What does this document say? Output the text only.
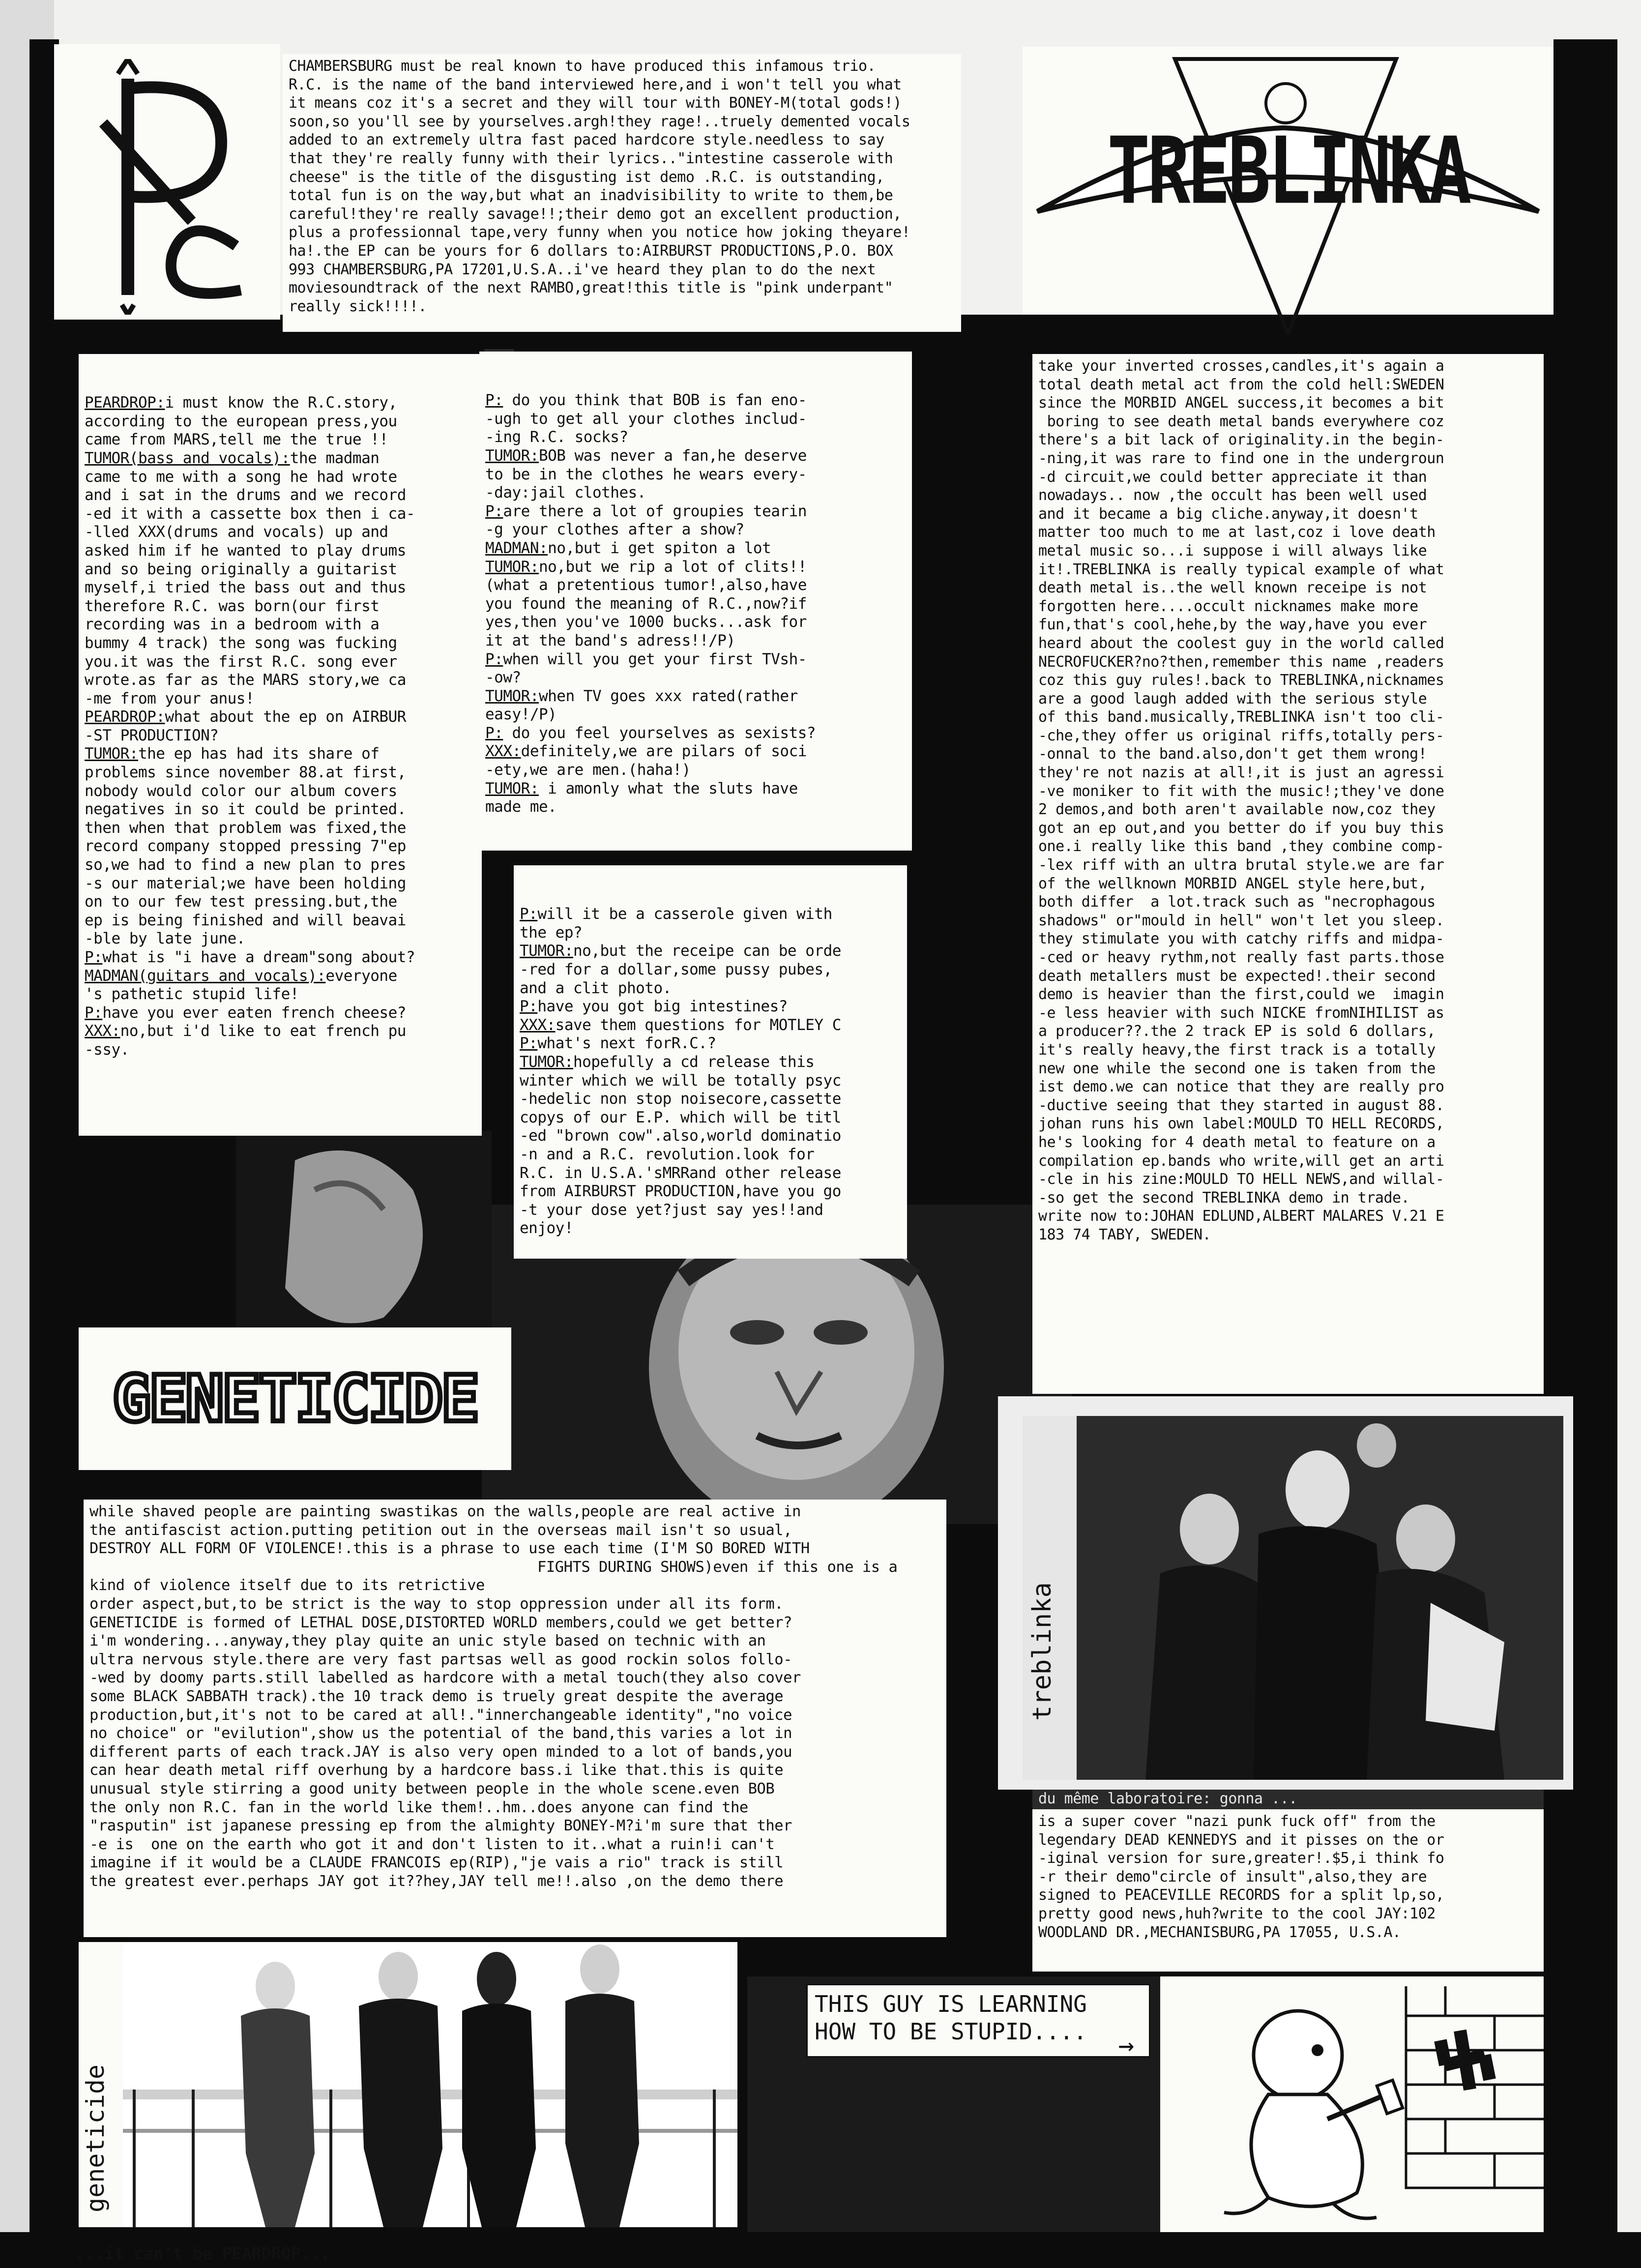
CHAMBERSBURG must be real known to have produced this infamous trio.
R.C. is the name of the band interviewed here,and i won't tell you what
it means coz it's a secret and they will tour with BONEY-M(total gods!)
soon,so you'll see by yourselves.argh!they rage!..truely demented vocals
added to an extremely ultra fast paced hardcore style.needless to say
that they're really funny with their lyrics.."intestine casserole with
cheese" is the title of the disgusting ist demo .R.C. is outstanding,
total fun is on the way,but what an inadvisibility to write to them,be
careful!they're really savage!!;their demo got an excellent production,
plus a professionnal tape,very funny when you notice how joking theyare!
ha!.the EP can be yours for 6 dollars to:AIRBURST PRODUCTIONS,P.O. BOX
993 CHAMBERSBURG,PA 17201,U.S.A..i've heard they plan to do the next
moviesoundtrack of the next RAMBO,great!this title is "pink underpant"
really sick!!!!.
TREBLINKA

PEARDROP:i must know the R.C.story,
according to the european press,you
came from MARS,tell me the true !!

TUMOR(bass and vocals):the madman
came to me with a song he had wrote
and i sat in the drums and we record
-ed it with a cassette box then i ca-
-lled XXX(drums and vocals) up and
asked him if he wanted to play drums
and so being originally a guitarist
myself,i tried the bass out and thus
therefore R.C. was born(our first
recording was in a bedroom with a
bummy 4 track) the song was fucking
you.it was the first R.C. song ever
wrote.as far as the MARS story,we ca
-me from your anus!

PEARDROP:what about the ep on AIRBUR
-ST PRODUCTION?

TUMOR:the ep has had its share of
problems since november 88.at first,
nobody would color our album covers
negatives in so it could be printed.
then when that problem was fixed,the
record company stopped pressing 7"ep
so,we had to find a new plan to pres
-s our material;we have been holding
on to our few test pressing.but,the
ep is being finished and will beavai
-ble by late june.

P:what is "i have a dream"song about?

MADMAN(guitars and vocals):everyone
's pathetic stupid life!

P:have you ever eaten french cheese?

XXX:no,but i'd like to eat french pu
-ssy.

P: do you think that BOB is fan eno-
-ugh to get all your clothes includ-
-ing R.C. socks?

TUMOR:BOB was never a fan,he deserve
to be in the clothes he wears every-
-day:jail clothes.

P:are there a lot of groupies tearin
-g your clothes after a show?

MADMAN:no,but i get spiton a lot

TUMOR:no,but we rip a lot of clits!!
(what a pretentious tumor!,also,have
you found the meaning of R.C.,now?if
yes,then you've 1000 bucks...ask for
it at the band's adress!!/P)

P:when will you get your first TVsh-
-ow?

TUMOR:when TV goes xxx rated(rather
easy!/P)

P: do you feel yourselves as sexists?

XXX:definitely,we are pilars of soci
-ety,we are men.(haha!)

TUMOR: i amonly what the sluts have
made me.

P:will it be a casserole given with
the ep?

TUMOR:no,but the receipe can be orde
-red for a dollar,some pussy pubes,
and a clit photo.

P:have you got big intestines?

XXX:save them questions for MOTLEY C

P:what's next forR.C.?

TUMOR:hopefully a cd release this
winter which we will be totally psyc
-hedelic non stop noisecore,cassette
copys of our E.P. which will be titl
-ed "brown cow".also,world dominatio
-n and a R.C. revolution.look for
R.C. in U.S.A.'sMRRand other release
from AIRBURST PRODUCTION,have you go
-t your dose yet?just say yes!!and
enjoy!

take your inverted crosses,candles,it's again a
total death metal act from the cold hell:SWEDEN
since the MORBID ANGEL success,it becomes a bit
boring to see death metal bands everywhere coz
there's a bit lack of originality.in the begin-
-ning,it was rare to find one in the undergroun
-d circuit,we could better appreciate it than
nowadays.. now ,the occult has been well used
and it became a big cliche.anyway,it doesn't
matter too much to me at last,coz i love death
metal music so...i suppose i will always like
it!.TREBLINKA is really typical example of what
death metal is..the well known receipe is not
forgotten here....occult nicknames make more
fun,that's cool,hehe,by the way,have you ever
heard about the coolest guy in the world called
NECROFUCKER?no?then,remember this name ,readers
coz this guy rules!.back to TREBLINKA,nicknames
are a good laugh added with the serious style
of this band.musically,TREBLINKA isn't too cli-
-che,they offer us original riffs,totally pers-
-onnal to the band.also,don't get them wrong!
they're not nazis at all!,it is just an agressi
-ve moniker to fit with the music!;they've done
2 demos,and both aren't available now,coz they
got an ep out,and you better do if you buy this
one.i really like this band ,they combine comp-
-lex riff with an ultra brutal style.we are far
of the wellknown MORBID ANGEL style here,but,
both differ  a lot.track such as "necrophagous
shadows" or"mould in hell" won't let you sleep.
they stimulate you with catchy riffs and midpa-
-ced or heavy rythm,not really fast parts.those
death metallers must be expected!.their second
demo is heavier than the first,could we  imagin
-e less heavier with such NICKE fromNIHILIST as
a producer??.the 2 track EP is sold 6 dollars,
it's really heavy,the first track is a totally
new one while the second one is taken from the
ist demo.we can notice that they are really pro
-ductive seeing that they started in august 88.
johan runs his own label:MOULD TO HELL RECORDS,
he's looking for 4 death metal to feature on a
compilation ep.bands who write,will get an arti
-cle in his zine:MOULD TO HELL NEWS,and willal-
-so get the second TREBLINKA demo in trade.
write now to:JOHAN EDLUND,ALBERT MALARES V.21 E
183 74 TABY, SWEDEN.
treblinka
du même laboratoire: gonna ...
GENETICIDE
while shaved people are painting swastikas on the walls,people are real active in
the antifascist action.putting petition out in the overseas mail isn't so usual,
DESTROY ALL FORM OF VIOLENCE!.this is a phrase to use each time (I'M SO BORED WITH
FIGHTS DURING SHOWS)even if this one is a kind of violence itself due to its retrictive
order aspect,but,to be strict is the way to stop oppression under all its form.
GENETICIDE is formed of LETHAL DOSE,DISTORTED WORLD members,could we get better?
i'm wondering...anyway,they play quite an unic style based on technic with an
ultra nervous style.there are very fast partsas well as good rockin solos follo-
-wed by doomy parts.still labelled as hardcore with a metal touch(they also cover
some BLACK SABBATH track).the 10 track demo is truely great despite the average
production,but,it's not to be cared at all!."innerchangeable identity","no voice
no choice" or "evilution",show us the potential of the band,this varies a lot in
different parts of each track.JAY is also very open minded to a lot of bands,you
can hear death metal riff overhung by a hardcore bass.i like that.this is quite
unusual style stirring a good unity between people in the whole scene.even BOB
the only non R.C. fan in the world like them!..hm..does anyone can find the
"rasputin" ist japanese pressing ep from the almighty BONEY-M?i'm sure that ther
-e is  one on the earth who got it and don't listen to it..what a ruin!i can't
imagine if it would be a CLAUDE FRANCOIS ep(RIP),"je vais a rio" track is still
the greatest ever.perhaps JAY got it??hey,JAY tell me!!.also ,on the demo there
is a super cover "nazi punk fuck off" from the
legendary DEAD KENNEDYS and it pisses on the or
-iginal version for sure,greater!.$5,i think fo
-r their demo"circle of insult",also,they are
signed to PEACEVILLE RECORDS for a split lp,so,
pretty good news,huh?write to the cool JAY:102
WOODLAND DR.,MECHANISBURG,PA 17055, U.S.A.
geneticide
THIS GUY IS LEARNING
HOW TO BE STUPID.... →
...it can't be PEARDROP...
